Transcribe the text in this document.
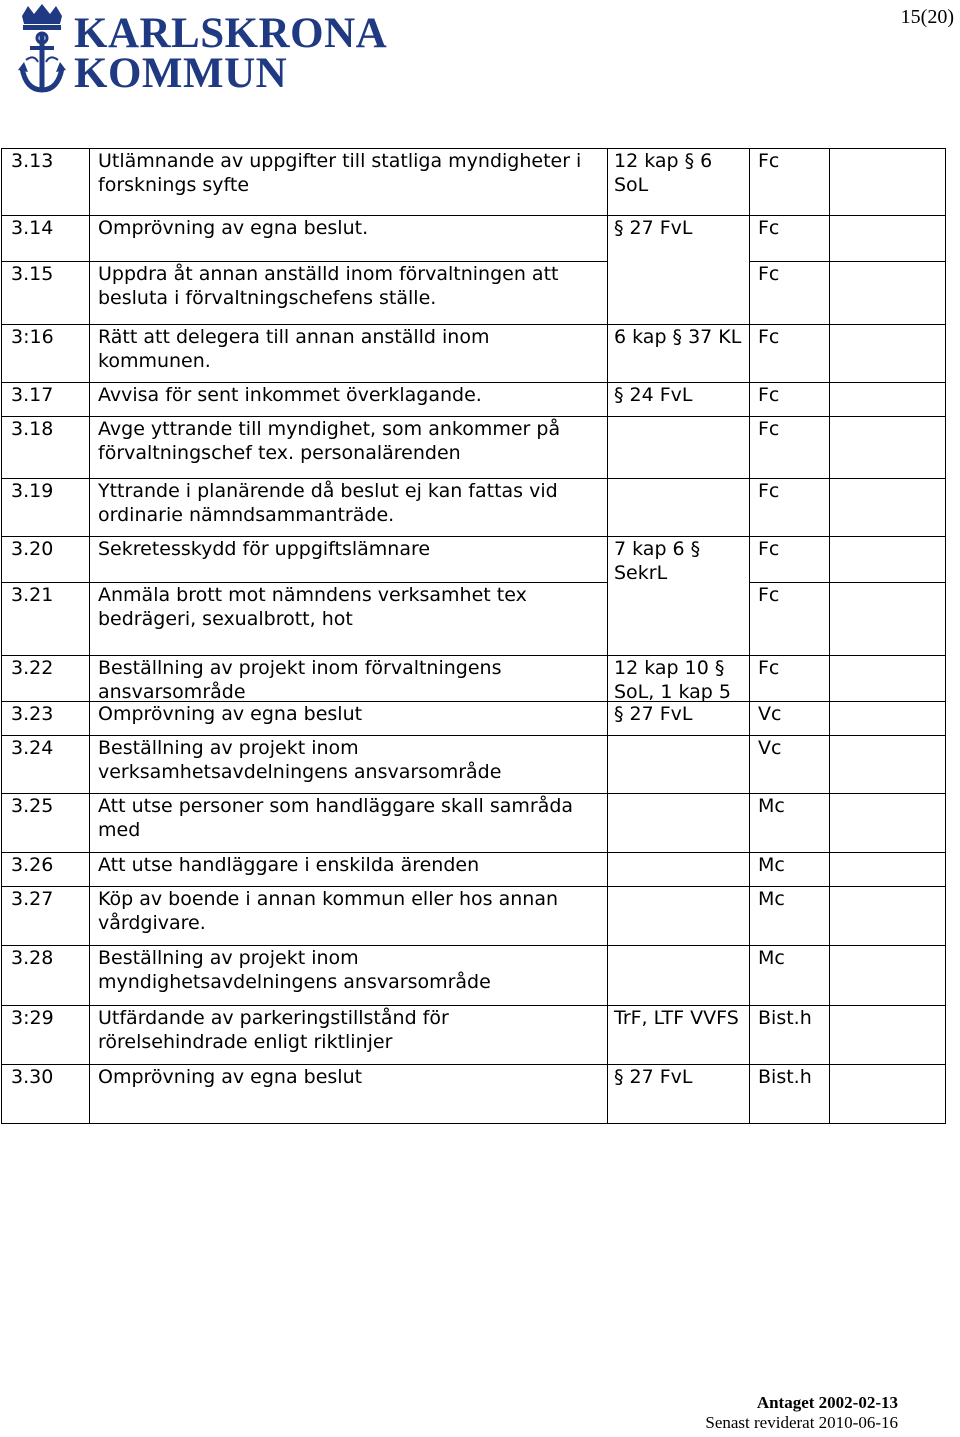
KARLSKRONA

KOMMUN

15(20)
3.13	Utlämnande av uppgifter till statliga myndigheter i forsknings syfte	12 kap § 6 SoL	Fc	

3.14	Omprövning av egna beslut.	§ 27 FvL	Fc	

3.15	Uppdra åt annan anställd inom förvaltningen att besluta i förvaltningschefens ställe.		Fc	

3:16	Rätt att delegera till annan anställd inom kommunen.	6 kap § 37 KL	Fc	

3.17	Avvisa för sent inkommet överklagande.	§ 24 FvL	Fc	

3.18	Avge yttrande till myndighet, som ankommer på förvaltningschef tex. personalärenden		Fc	

3.19	Yttrande i planärende då beslut ej kan fattas vid ordinarie nämndsammanträde.		Fc	

3.20	Sekretesskydd för uppgiftslämnare	7 kap 6 § SekrL	Fc	

3.21	Anmäla brott mot nämndens verksamhet tex bedrägeri, sexualbrott, hot		Fc	

3.22	Beställning av projekt inom förvaltningens ansvarsområde	12 kap 10 § SoL, 1 kap 5	Fc	

3.23	Omprövning av egna beslut	§ 27 FvL	Vc	

3.24	Beställning av projekt inom verksamhetsavdelningens ansvarsområde		Vc	

3.25	Att utse personer som handläggare skall samråda med		Mc	

3.26	Att utse handläggare i enskilda ärenden		Mc	

3.27	Köp av boende i annan kommun eller hos annan vårdgivare.		Mc	

3.28	Beställning av projekt inom myndighetsavdelningens ansvarsområde		Mc	

3:29	Utfärdande av parkeringstillstånd för rörelsehindrade enligt riktlinjer	TrF, LTF VVFS	Bist.h	

3.30	Omprövning av egna beslut	§ 27 FvL	Bist.h	

Antaget 2002-02-13
Senast reviderat 2010-06-16
